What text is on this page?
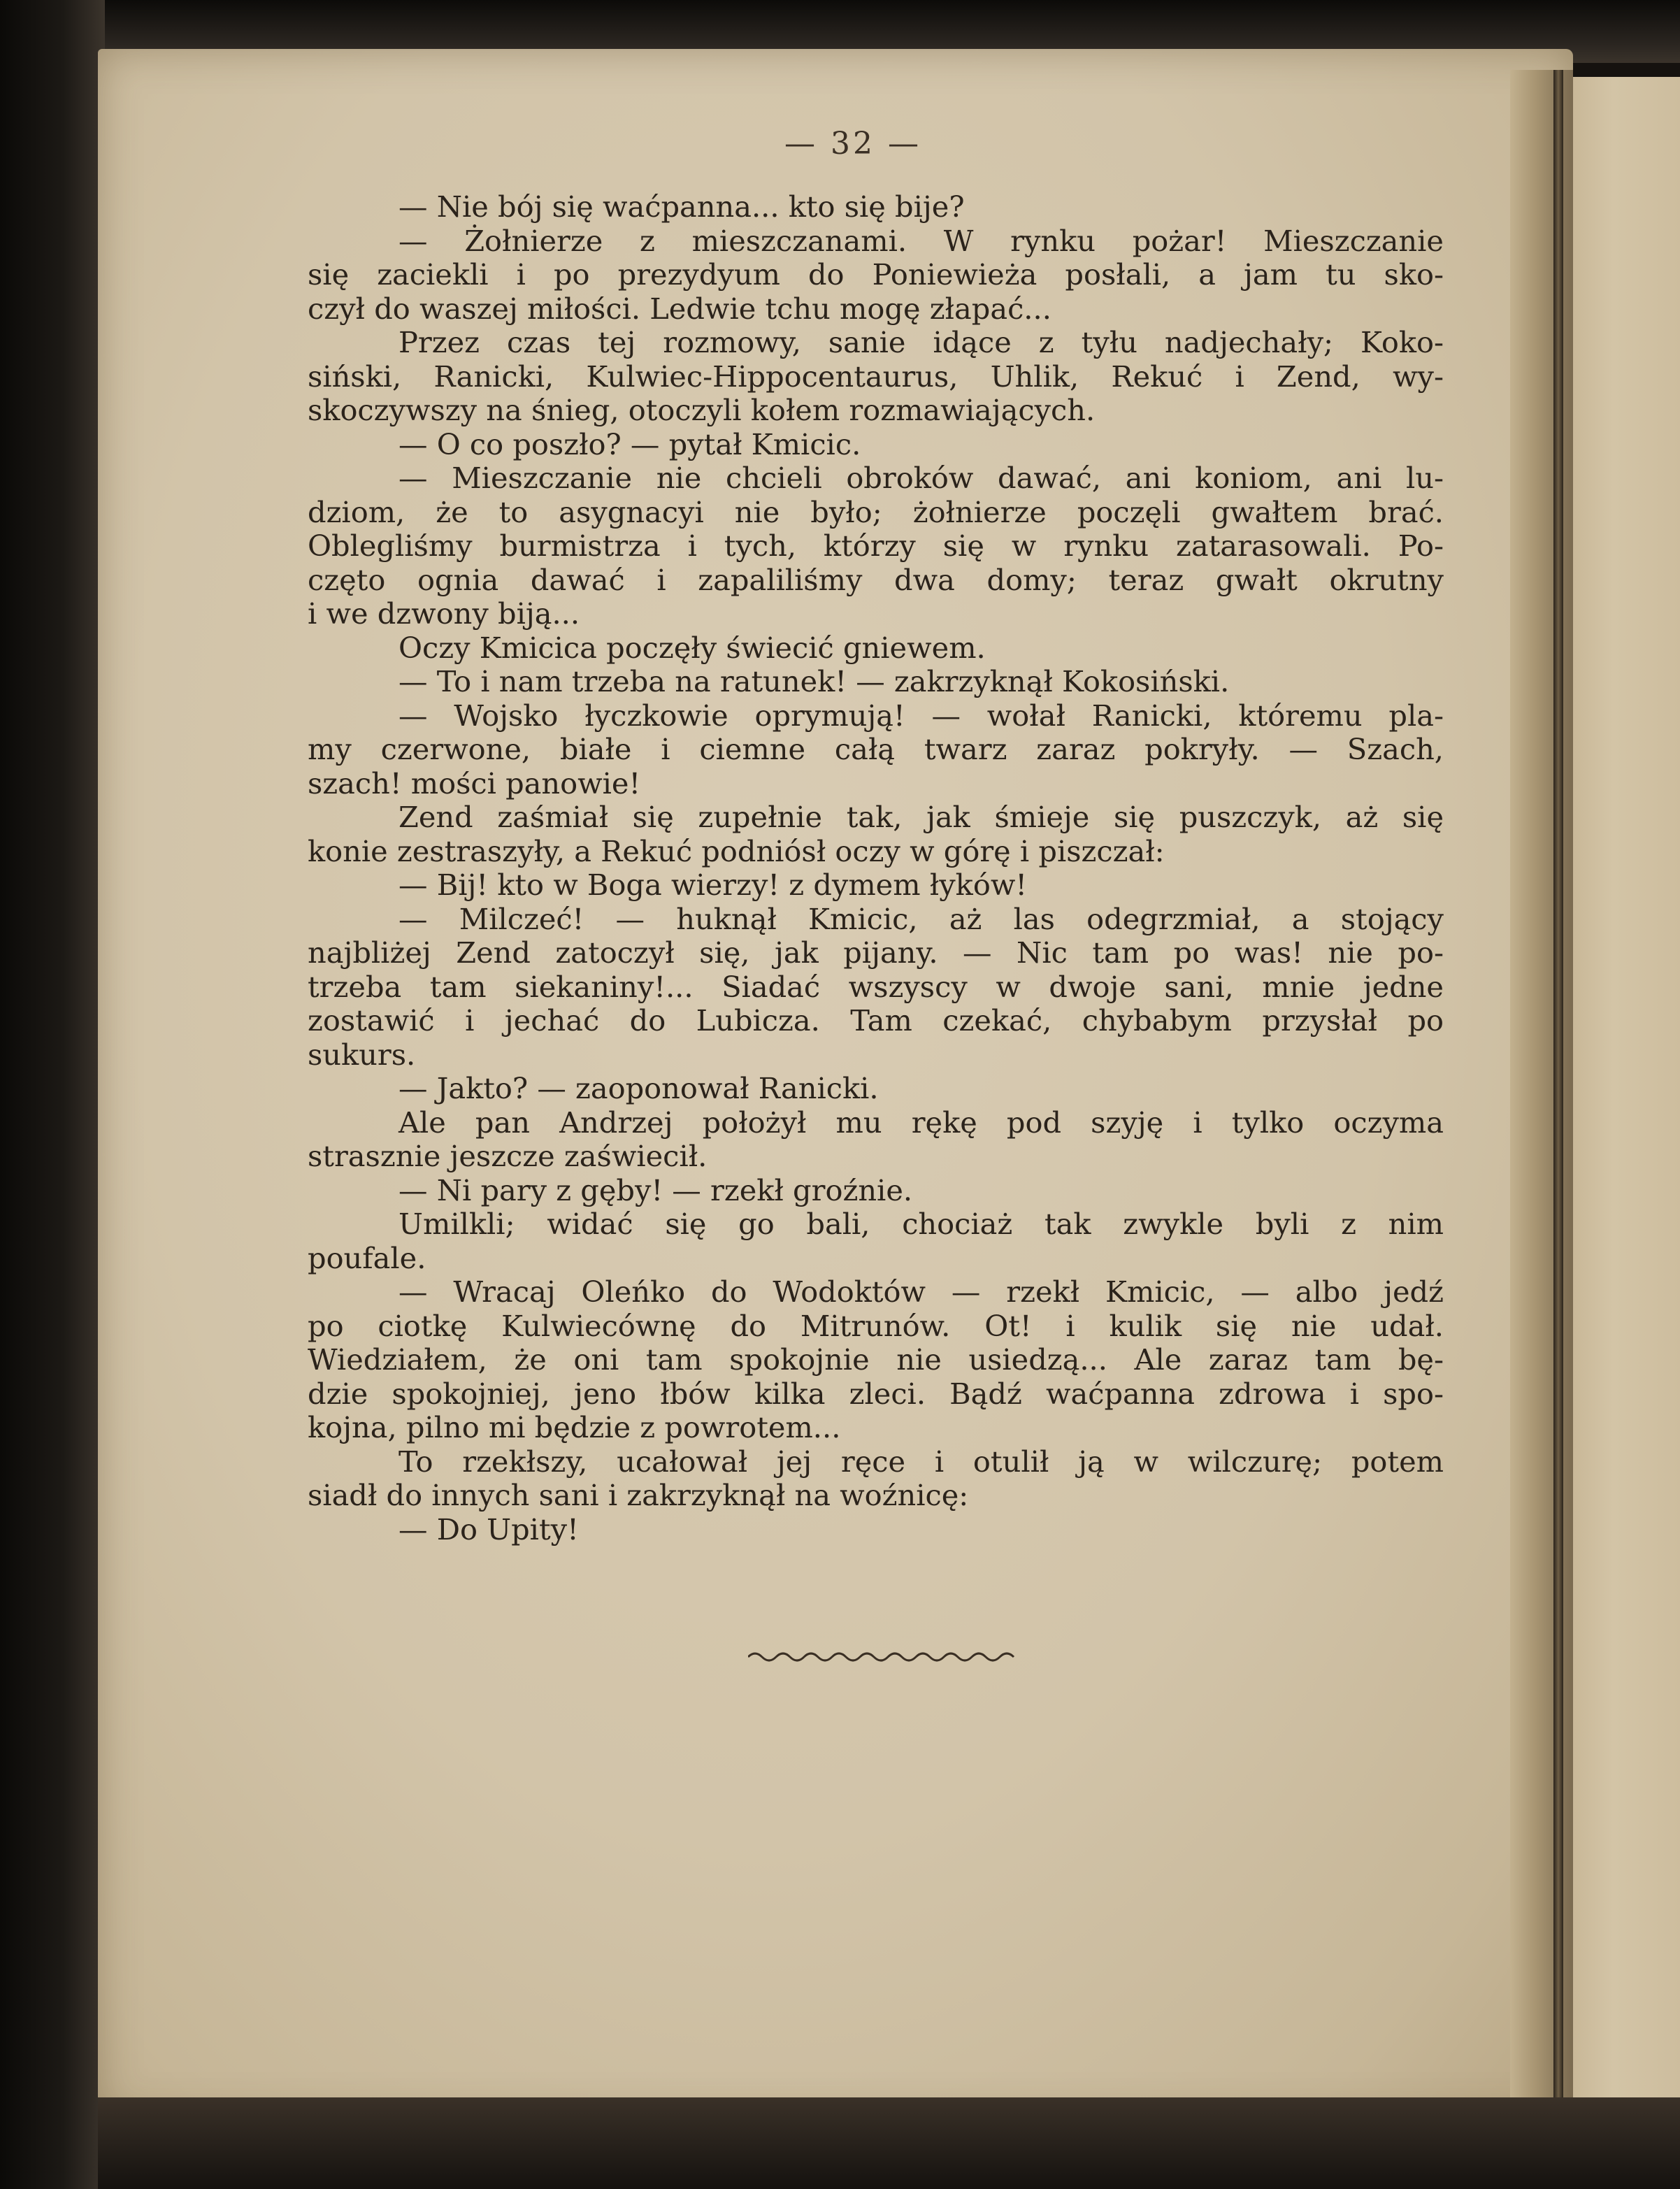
— 32 —
— Nie bój się waćpanna... kto się bije?
— Żołnierze z mieszczanami. W rynku pożar! Mieszczanie
się zaciekli i po prezydyum do Poniewieża posłali, a jam tu sko-
czył do waszej miłości. Ledwie tchu mogę złapać...
Przez czas tej rozmowy, sanie idące z tyłu nadjechały; Koko-
siński, Ranicki, Kulwiec-Hippocentaurus, Uhlik, Rekuć i Zend, wy-
skoczywszy na śnieg, otoczyli kołem rozmawiających.
— O co poszło? — pytał Kmicic.
— Mieszczanie nie chcieli obroków dawać, ani koniom, ani lu-
dziom, że to asygnacyi nie było; żołnierze poczęli gwałtem brać.
Oblegliśmy burmistrza i tych, którzy się w rynku zatarasowali. Po-
częto ognia dawać i zapaliliśmy dwa domy; teraz gwałt okrutny
i we dzwony biją...
Oczy Kmicica poczęły świecić gniewem.
— To i nam trzeba na ratunek! — zakrzyknął Kokosiński.
— Wojsko łyczkowie oprymują! — wołał Ranicki, któremu pla-
my czerwone, białe i ciemne całą twarz zaraz pokryły. — Szach,
szach! mości panowie!
Zend zaśmiał się zupełnie tak, jak śmieje się puszczyk, aż się
konie zestraszyły, a Rekuć podniósł oczy w górę i piszczał:
— Bij! kto w Boga wierzy! z dymem łyków!
— Milczeć! — huknął Kmicic, aż las odegrzmiał, a stojący
najbliżej Zend zatoczył się, jak pijany. — Nic tam po was! nie po-
trzeba tam siekaniny!... Siadać wszyscy w dwoje sani, mnie jedne
zostawić i jechać do Lubicza. Tam czekać, chybabym przysłał po
sukurs.
— Jakto? — zaoponował Ranicki.
Ale pan Andrzej położył mu rękę pod szyję i tylko oczyma
strasznie jeszcze zaświecił.
— Ni pary z gęby! — rzekł groźnie.
Umilkli; widać się go bali, chociaż tak zwykle byli z nim
poufale.
— Wracaj Oleńko do Wodoktów — rzekł Kmicic, — albo jedź
po ciotkę Kulwiecównę do Mitrunów. Ot! i kulik się nie udał.
Wiedziałem, że oni tam spokojnie nie usiedzą... Ale zaraz tam bę-
dzie spokojniej, jeno łbów kilka zleci. Bądź waćpanna zdrowa i spo-
kojna, pilno mi będzie z powrotem...
To rzekłszy, ucałował jej ręce i otulił ją w wilczurę; potem
siadł do innych sani i zakrzyknął na woźnicę:
— Do Upity!
